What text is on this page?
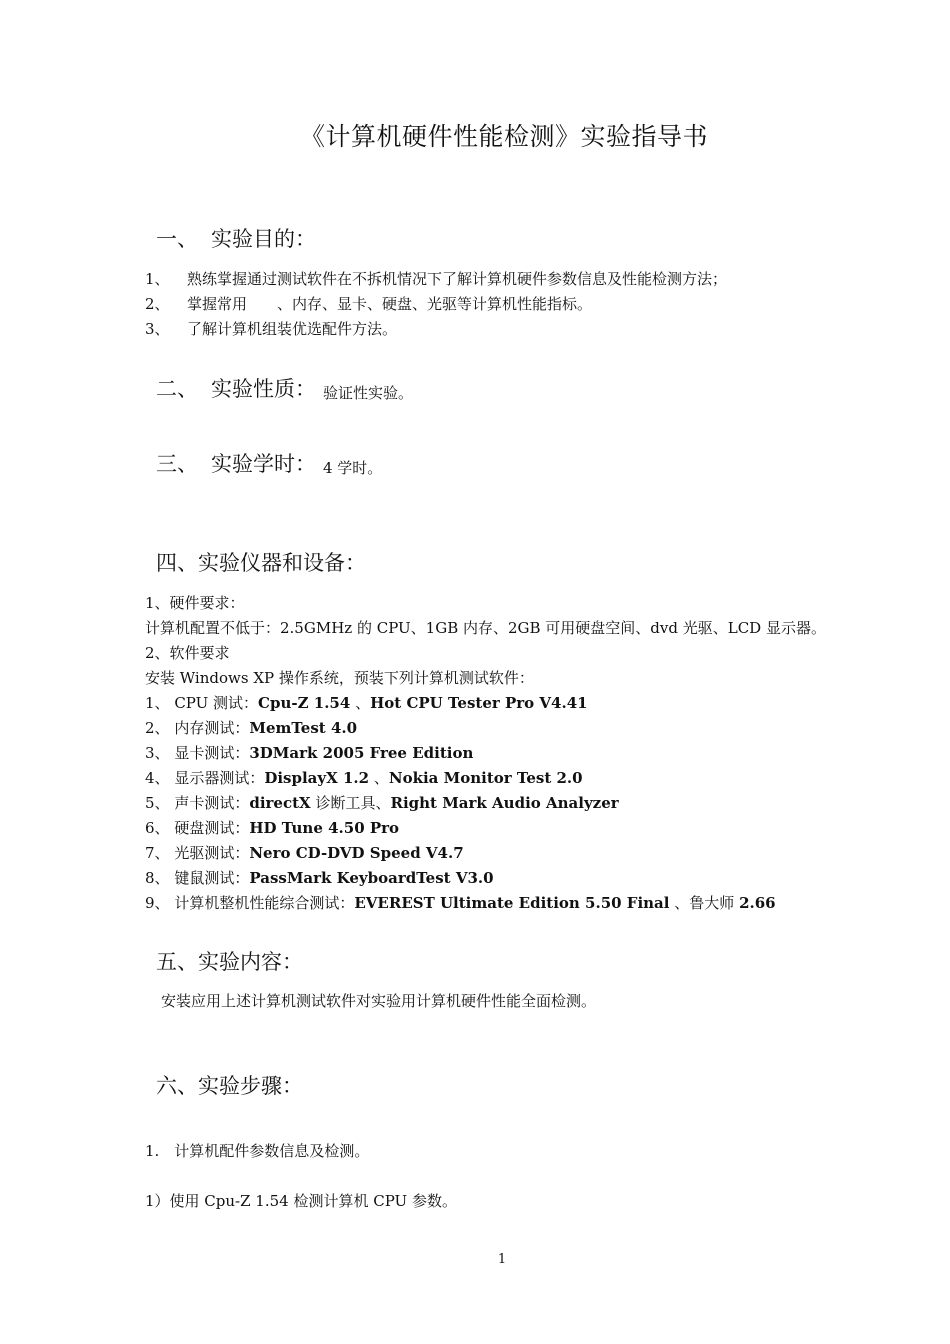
《计算机硬件性能检测》实验指导书
一、 实验目的：
1、 熟练掌握通过测试软件在不拆机情况下了解计算机硬件参数信息及性能检测方法；
2、 掌握常用　　、内存、显卡、硬盘、光驱等计算机性能指标。
3、 了解计算机组装优选配件方法。
二、 实验性质： 验证性实验。
三、 实验学时： 4 学时。
四、实验仪器和设备：
1、硬件要求：
计算机配置不低于：2.5GMHz 的 CPU、1GB 内存、2GB 可用硬盘空间、dvd 光驱、LCD 显示器。
2、软件要求
安装 Windows XP 操作系统，预装下列计算机测试软件：
1、 CPU 测试：Cpu-Z 1.54 、Hot CPU Tester Pro V4.41
2、 内存测试：MemTest 4.0
3、 显卡测试：3DMark 2005 Free Edition
4、 显示器测试：DisplayX 1.2 、Nokia Monitor Test 2.0
5、 声卡测试：directX 诊断工具、Right Mark Audio Analyzer
6、 硬盘测试：HD Tune 4.50 Pro
7、 光驱测试：Nero CD-DVD Speed V4.7
8、 键鼠测试：PassMark KeyboardTest V3.0
9、 计算机整机性能综合测试：EVEREST Ultimate Edition 5.50 Final 、鲁大师 2.66
五、实验内容：
安装应用上述计算机测试软件对实验用计算机硬件性能全面检测。
六、实验步骤：
1.　计算机配件参数信息及检测。
1）使用 Cpu-Z 1.54 检测计算机 CPU 参数。
1
